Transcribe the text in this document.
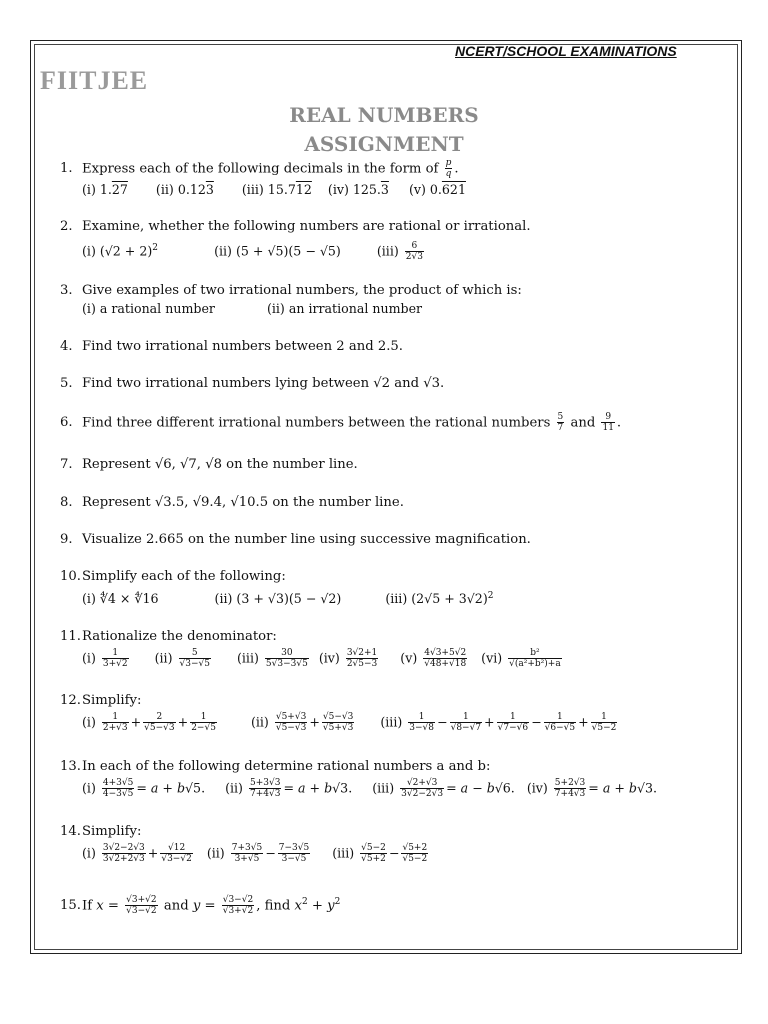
NCERT/SCHOOL EXAMINATIONS
FIITJEE
REAL NUMBERS
ASSIGNMENT
1. Express each of the following decimals in the form of $\frac{p}{q}$ .
(i) 1.27       (ii) 0.123       (iii) 15.712    (iv) 125.3     (v) 0.621
2. Examine, whether the following numbers are rational or irrational.
(i) $(√2 + 2)^2$              (ii) (5 + √5)(5 − √5)         $(iii) \frac{6}{2√3}$
3. Give examples of two irrational numbers, the product of which is:
(i) a rational number             (ii) an irrational number
4. Find two irrational numbers between 2 and 2.5.
5. Find two irrational numbers lying between √2 and √3.
6. Find three different irrational numbers between the rational numbers $\frac{5}{7}$ and $\frac{9}{11}$ .
7. Represent √6, √7, √8 on the number line.
8. Represent √3.5, √9.4, √10.5 on the number line.
9. Visualize 2.665 on the number line using successive magnification.
10.Simplify each of the following:
(i) ∜4 × ∜16              (ii) (3 + √3)(5 − √2)           (iii) $(2√5 + 3√2)^2$
11.Rationalize the denominator:
$(i) \frac{1}{3+√2} (ii) \frac{5}{√3-√5} (iii) \frac{30}{5√3-3√5} (iv) \frac{3√2+1}{2√5-3} (v) \frac{4√3+5√2}{√48+√18} (vi) \frac{\text{b²}}{\text{√(a²+b²)+a}}$
12.Simplify:
$(i) \frac{1}{2+√3} + \frac{2}{√5-√3} + \frac{1}{2-√5} (ii) \frac{√5+√3}{√5-√3} + \frac{√5-√3}{√5+√3} (iii) \frac{1}{3-√8} - \frac{1}{√8-√7} + \frac{1}{√7-√6} - \frac{1}{√6-√5} + \frac{1}{√5-2}$
13.In each of the following determine rational numbers a and b:
$(i) \frac{4+3√5}{4-3√5} = a + b√5$.     $(ii) \frac{5+3√3}{7+4√3} = a + b√3$.     $(iii) \frac{√2+√3}{3√2-2√3} = a - b√6$.   $(iv) \frac{5+2√3}{7+4√3} = a + b√3$.
14.Simplify:
$(i) \frac{3√2-2√3}{3√2+2√3} + \frac{√12}{√3-√2} (ii) \frac{7+3√5}{3+√5} - \frac{7-3√5}{3-√5} (iii) \frac{√5-2}{√5+2} - \frac{√5+2}{√5-2}$
15.If $x = \frac{√3+√2}{√3-√2}$ and $y = \frac{√3-√2}{√3+√2}$ , find $x^2 + y^2$
